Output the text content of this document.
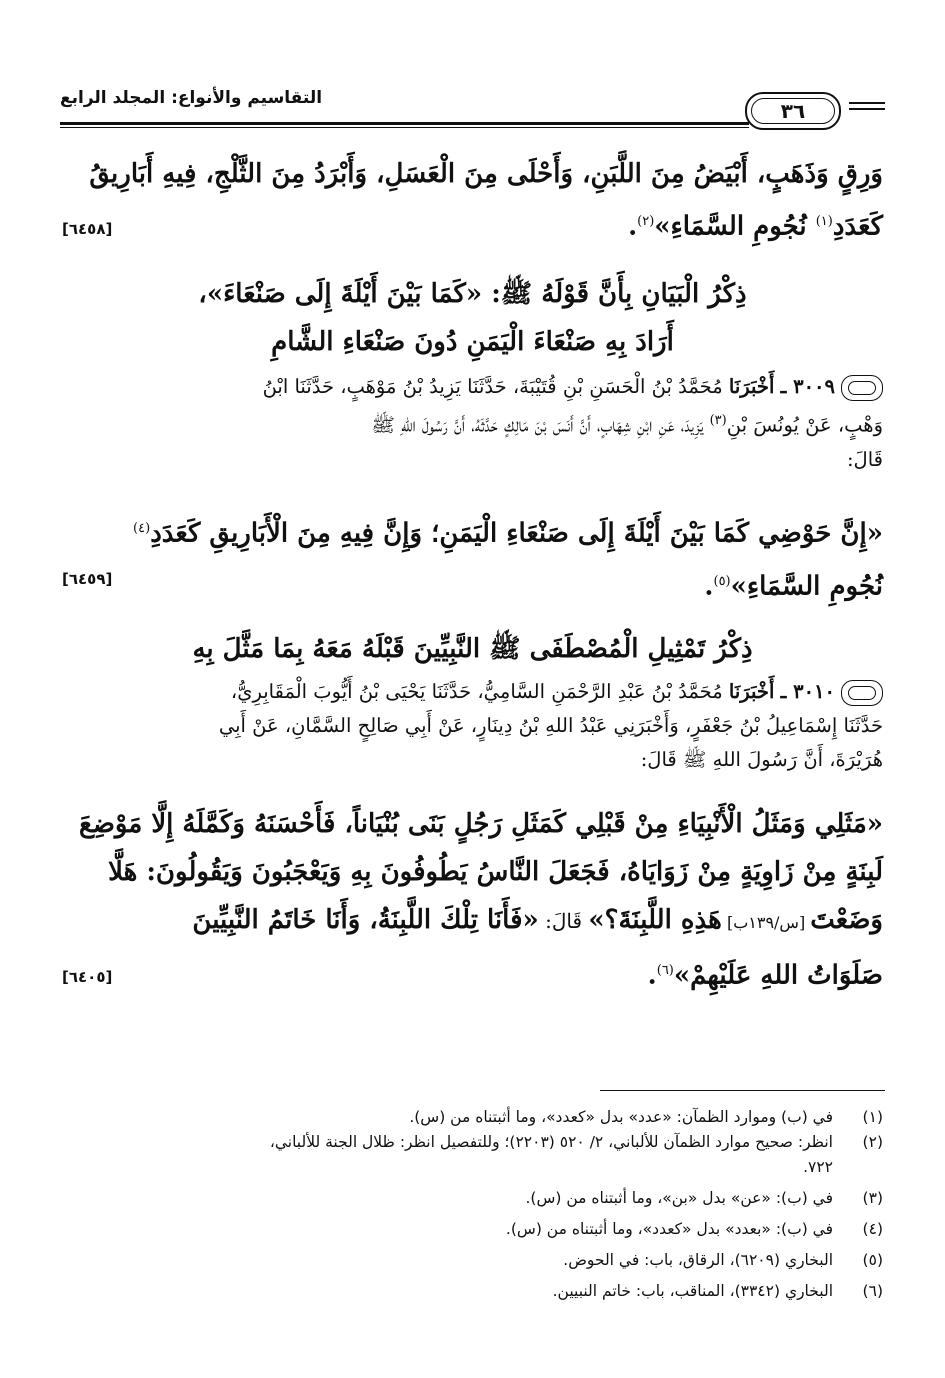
٣٦
التقاسيم والأنواع: المجلد الرابع
وَرِقٍ وَذَهَبٍ، أَبْيَضُ مِنَ اللَّبَنِ، وَأَحْلَى مِنَ الْعَسَلِ، وَأَبْرَدُ مِنَ الثَّلْجِ، فِيهِ أَبَارِيقُ
كَعَدَدِ$^{(١)}$ نُجُومِ السَّمَاءِ»$^{(٢)}$.
[٦٤٥٨]
ذِكْرُ الْبَيَانِ بِأَنَّ قَوْلَهُ ﷺ: «كَمَا بَيْنَ أَيْلَةَ إِلَى صَنْعَاءَ»،
أَرَادَ بِهِ صَنْعَاءَ الْيَمَنِ دُونَ صَنْعَاءِ الشَّامِ
٣٠٠٩ ـ أَخْبَرَنَا مُحَمَّدُ بْنُ الْحَسَنِ بْنِ قُتَيْبَةَ، حَدَّثَنَا يَزِيدُ بْنُ مَوْهَبٍ، حَدَّثَنَا ابْنُ
وَهْبٍ، عَنْ يُونُسَ بْنِ$^{(٣)}$ يَزِيدَ، عَنِ ابْنِ شِهَابٍ، أَنَّ أَنَسَ بْنَ مَالِكٍ حَدَّثَهُ، أَنَّ رَسُولَ اللهِ ﷺ
قَالَ:
«إِنَّ حَوْضِي كَمَا بَيْنَ أَيْلَةَ إِلَى صَنْعَاءِ الْيَمَنِ؛ وَإِنَّ فِيهِ مِنَ الْأَبَارِيقِ كَعَدَدِ$^{(٤)}$
نُجُومِ السَّمَاءِ»$^{(٥)}$.
[٦٤٥٩]
ذِكْرُ تَمْثِيلِ الْمُصْطَفَى ﷺ النَّبِيِّينَ قَبْلَهُ مَعَهُ بِمَا مَثَّلَ بِهِ
٣٠١٠ ـ أَخْبَرَنَا مُحَمَّدُ بْنُ عَبْدِ الرَّحْمَنِ السَّامِيُّ، حَدَّثَنَا يَحْيَى بْنُ أَيُّوبَ الْمَقَابِرِيُّ،
حَدَّثَنَا إِسْمَاعِيلُ بْنُ جَعْفَرٍ، وَأَخْبَرَنِي عَبْدُ اللهِ بْنُ دِينَارٍ، عَنْ أَبِي صَالِحٍ السَّمَّانِ، عَنْ أَبِي
هُرَيْرَةَ، أَنَّ رَسُولَ اللهِ ﷺ قَالَ:
«مَثَلِي وَمَثَلُ الْأَنْبِيَاءِ مِنْ قَبْلِي كَمَثَلِ رَجُلٍ بَنَى بُنْيَاناً، فَأَحْسَنَهُ وَكَمَّلَهُ إِلَّا مَوْضِعَ
لَبِنَةٍ مِنْ زَاوِيَةٍ مِنْ زَوَايَاهُ، فَجَعَلَ النَّاسُ يَطُوفُونَ بِهِ وَيَعْجَبُونَ وَيَقُولُونَ: هَلَّا
وَضَعْتَ [س/١٣٩ب] هَذِهِ اللَّبِنَةَ؟» قَالَ: «فَأَنَا تِلْكَ اللَّبِنَةُ، وَأَنَا خَاتَمُ النَّبِيِّينَ
صَلَوَاتُ اللهِ عَلَيْهِمْ»$^{(٦)}$.
[٦٤٠٥]
(١)
في (ب) وموارد الظمآن: «عدد» بدل «كعدد»، وما أثبتناه من (س).
(٢)
انظر: صحيح موارد الظمآن للألباني، ٢/ ٥٢٠ (٢٢٠٣)؛ وللتفصيل انظر: ظلال الجنة للألباني،
٧٢٢.
(٣)
في (ب): «عن» بدل «بن»، وما أثبتناه من (س).
(٤)
في (ب): «بعدد» بدل «كعدد»، وما أثبتناه من (س).
(٥)
البخاري (٦٢٠٩)، الرقاق، باب: في الحوض.
(٦)
البخاري (٣٣٤٢)، المناقب، باب: خاتم النبيين.
